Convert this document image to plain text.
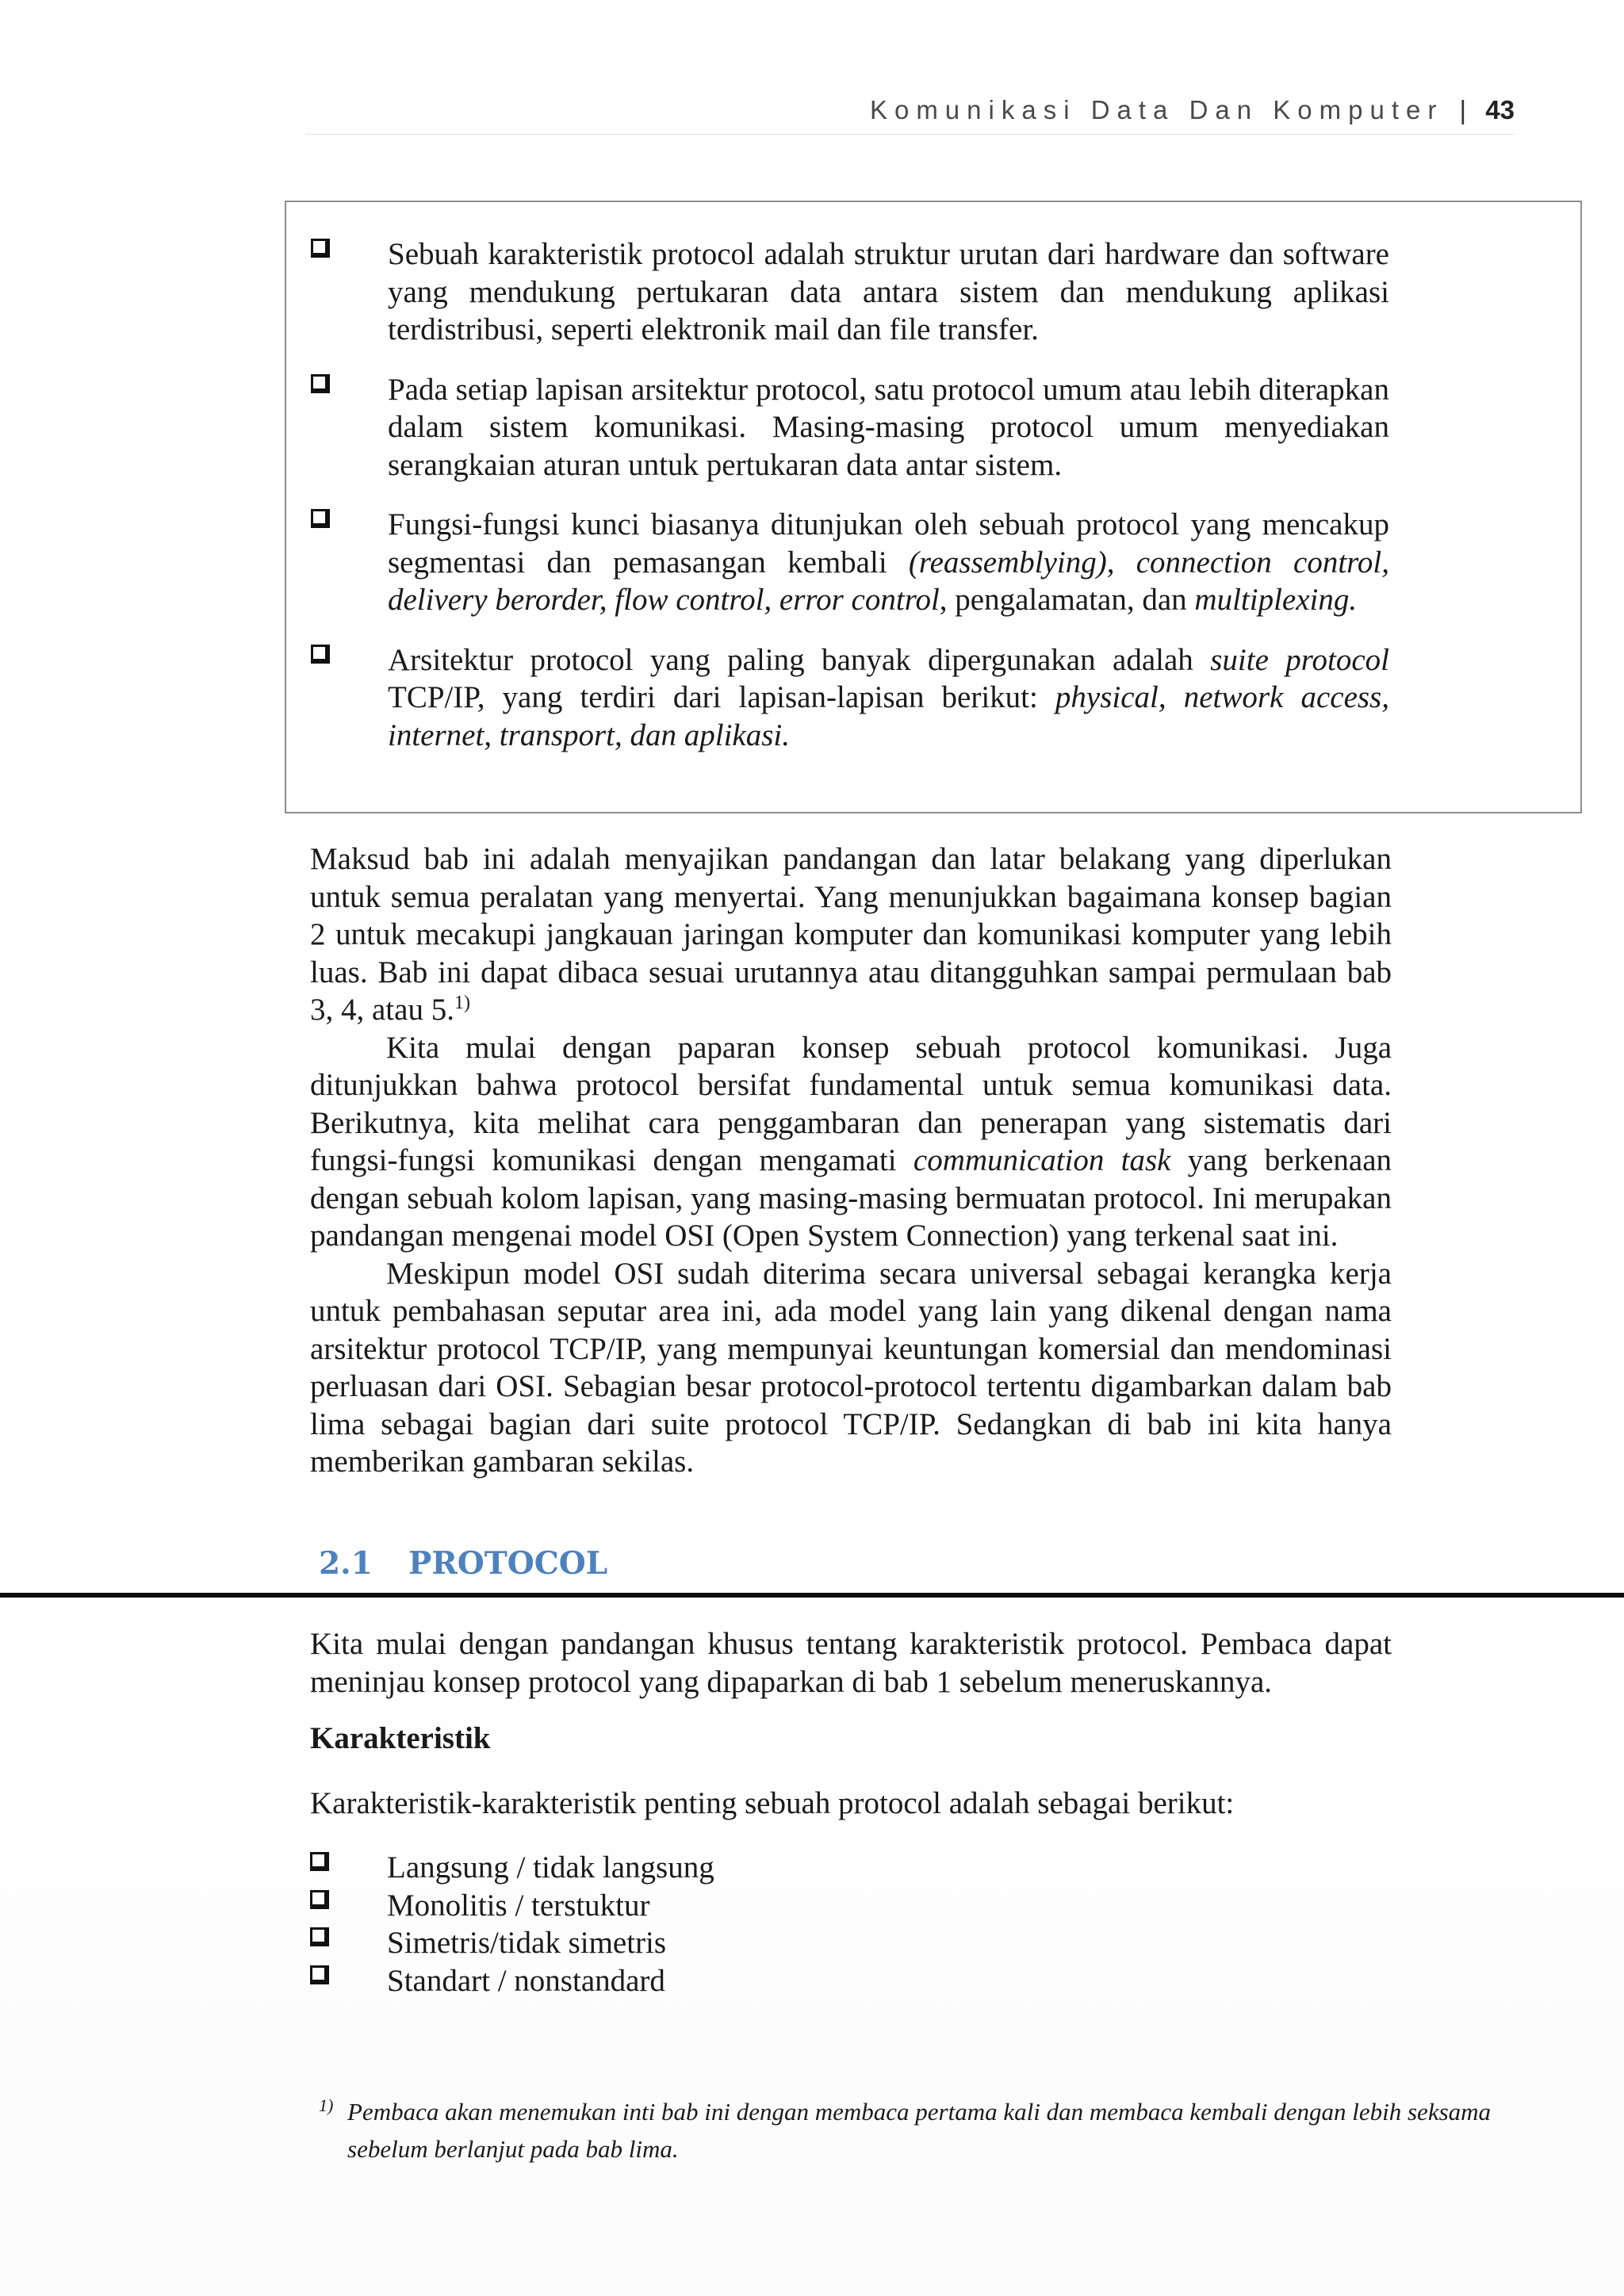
Komunikasi Data Dan Komputer | 43
Sebuah karakteristik protocol adalah struktur urutan dari hardware dan software yang mendukung pertukaran data antara sistem dan mendukung aplikasi terdistribusi, seperti elektronik mail dan file transfer.
Pada setiap lapisan arsitektur protocol, satu protocol umum atau lebih diterapkan dalam sistem komunikasi. Masing-masing protocol umum menyediakan serangkaian aturan untuk pertukaran data antar sistem.
Fungsi-fungsi kunci biasanya ditunjukan oleh sebuah protocol yang mencakup segmentasi dan pemasangan kembali (reassemblying), connection control, delivery berorder, flow control, error control, pengalamatan, dan multiplexing.
Arsitektur protocol yang paling banyak dipergunakan adalah suite protocol TCP/IP, yang terdiri dari lapisan-lapisan berikut: physical, network access, internet, transport, dan aplikasi.

Maksud bab ini adalah menyajikan pandangan dan latar belakang yang diperlukan untuk semua peralatan yang menyertai. Yang menunjukkan bagaimana konsep bagian 2 untuk mecakupi jangkauan jaringan komputer dan komunikasi komputer yang lebih luas. Bab ini dapat dibaca sesuai urutannya atau ditangguhkan sampai permulaan bab 3, 4, atau 5.$^{1)}$

Kita mulai dengan paparan konsep sebuah protocol komunikasi. Juga ditunjukkan bahwa protocol bersifat fundamental untuk semua komunikasi data. Berikutnya, kita melihat cara penggambaran dan penerapan yang sistematis dari fungsi-fungsi komunikasi dengan mengamati communication task yang berkenaan dengan sebuah kolom lapisan, yang masing-masing bermuatan protocol. Ini merupakan pandangan mengenai model OSI (Open System Connection) yang terkenal saat ini.

Meskipun model OSI sudah diterima secara universal sebagai kerangka kerja untuk pembahasan seputar area ini, ada model yang lain yang dikenal dengan nama arsitektur protocol TCP/IP, yang mempunyai keuntungan komersial dan mendominasi perluasan dari OSI. Sebagian besar protocol-protocol tertentu digambarkan dalam bab lima sebagai bagian dari suite protocol TCP/IP. Sedangkan di bab ini kita hanya memberikan gambaran sekilas.

2.1 PROTOCOL

Kita mulai dengan pandangan khusus tentang karakteristik protocol. Pembaca dapat meninjau konsep protocol yang dipaparkan di bab 1 sebelum meneruskannya.

Karakteristik

Karakteristik-karakteristik penting sebuah protocol adalah sebagai berikut:

Langsung / tidak langsung
Monolitis / terstuktur
Simetris/tidak simetris
Standart / nonstandard
1) Pembaca akan menemukan inti bab ini dengan membaca pertama kali dan membaca kembali dengan lebih seksama sebelum berlanjut pada bab lima.
